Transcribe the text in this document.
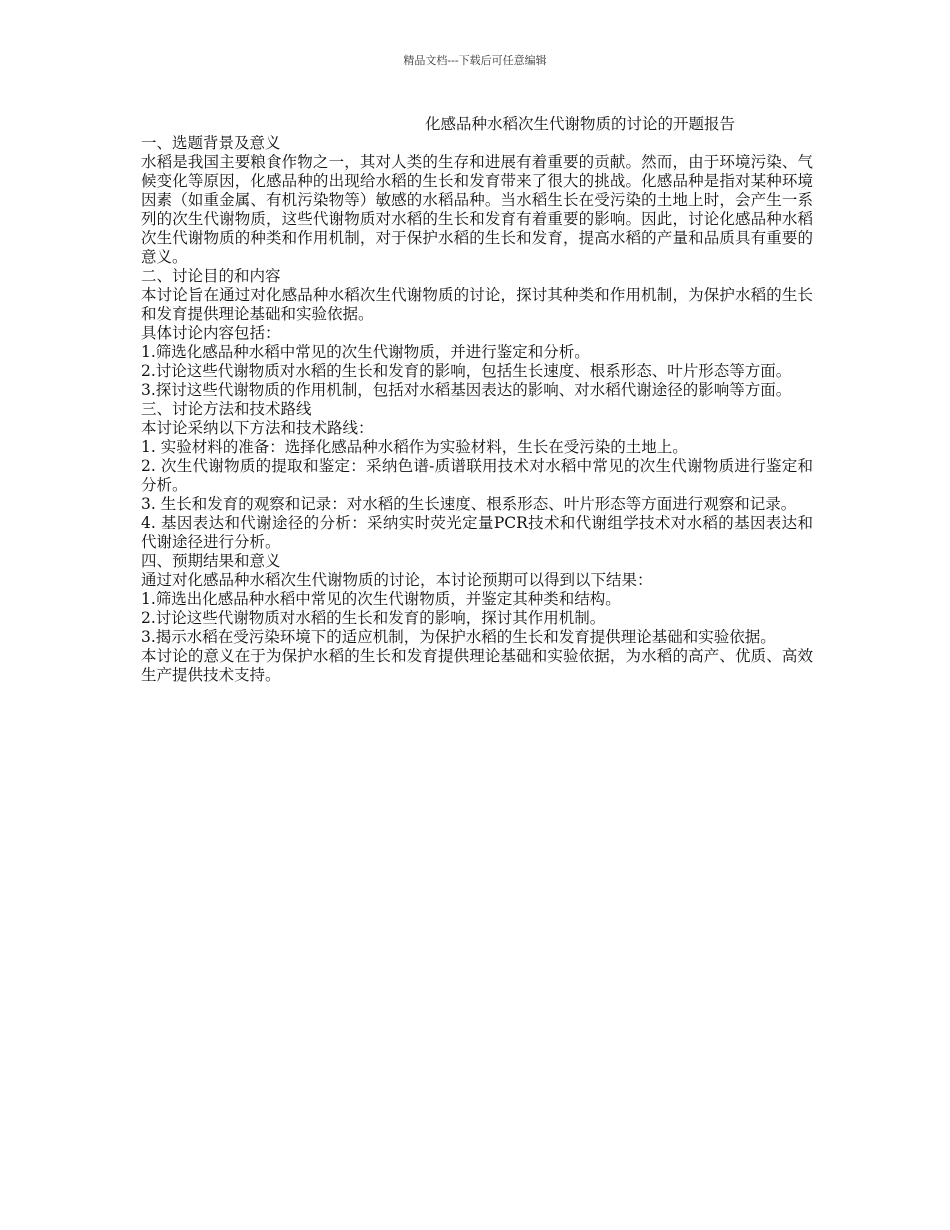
精品文档---下载后可任意编辑
化感品种水稻次生代谢物质的讨论的开题报告
一、选题背景及意义

水稻是我国主要粮食作物之一，其对人类的生存和进展有着重要的贡献。然而，由于环境污染、气候变化等原因，化感品种的出现给水稻的生长和发育带来了很大的挑战。化感品种是指对某种环境因素（如重金属、有机污染物等）敏感的水稻品种。当水稻生长在受污染的土地上时，会产生一系列的次生代谢物质，这些代谢物质对水稻的生长和发育有着重要的影响。因此，讨论化感品种水稻次生代谢物质的种类和作用机制，对于保护水稻的生长和发育，提高水稻的产量和品质具有重要的意义。

二、讨论目的和内容

本讨论旨在通过对化感品种水稻次生代谢物质的讨论，探讨其种类和作用机制，为保护水稻的生长和发育提供理论基础和实验依据。

具体讨论内容包括：

1.筛选化感品种水稻中常见的次生代谢物质，并进行鉴定和分析。

2.讨论这些代谢物质对水稻的生长和发育的影响，包括生长速度、根系形态、叶片形态等方面。

3.探讨这些代谢物质的作用机制，包括对水稻基因表达的影响、对水稻代谢途径的影响等方面。

三、讨论方法和技术路线

本讨论采纳以下方法和技术路线：

1. 实验材料的准备：选择化感品种水稻作为实验材料，生长在受污染的土地上。

2. 次生代谢物质的提取和鉴定：采纳色谱-质谱联用技术对水稻中常见的次生代谢物质进行鉴定和分析。

3. 生长和发育的观察和记录：对水稻的生长速度、根系形态、叶片形态等方面进行观察和记录。

4. 基因表达和代谢途径的分析：采纳实时荧光定量PCR技术和代谢组学技术对水稻的基因表达和代谢途径进行分析。

四、预期结果和意义

通过对化感品种水稻次生代谢物质的讨论，本讨论预期可以得到以下结果：

1.筛选出化感品种水稻中常见的次生代谢物质，并鉴定其种类和结构。

2.讨论这些代谢物质对水稻的生长和发育的影响，探讨其作用机制。

3.揭示水稻在受污染环境下的适应机制，为保护水稻的生长和发育提供理论基础和实验依据。

本讨论的意义在于为保护水稻的生长和发育提供理论基础和实验依据，为水稻的高产、优质、高效生产提供技术支持。
